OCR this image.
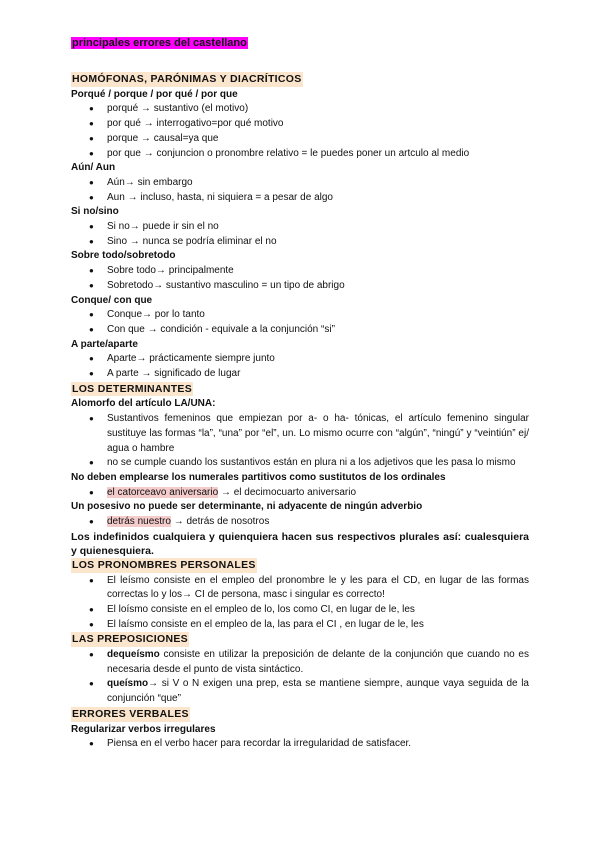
principales errores del castellano
HOMÓFONAS, PARÓNIMAS Y DIACRÍTICOS
Porqué / porque / por qué / por que
● porqué → sustantivo (el motivo)
● por qué → interrogativo=por qué motivo
● porque → causal=ya que
● por que → conjuncion o pronombre relativo = le puedes poner un artculo al medio
Aún/ Aun
● Aún→ sin embargo
● Aun → incluso, hasta, ni siquiera = a pesar de algo
Si no/sino
● Si no→ puede ir sin el no
● Sino → nunca se podría eliminar el no
Sobre todo/sobretodo
● Sobre todo→ principalmente
● Sobretodo→ sustantivo masculino = un tipo de abrigo
Conque/ con que
● Conque→ por lo tanto
● Con que → condición - equivale a la conjunción “si”
A parte/aparte
● Aparte→ prácticamente siempre junto
● A parte → significado de lugar
LOS DETERMINANTES
Alomorfo del artículo LA/UNA:
● Sustantivos femeninos que empiezan por a- o ha- tónicas, el artículo femenino singular sustituye las formas “la”, “una” por “el”, un. Lo mismo ocurre con “algún”, “ningú” y “veintiún” ej/ agua o hambre
● no se cumple cuando los sustantivos están en plura ni a los adjetivos que les pasa lo mismo
No deben emplearse los numerales partitivos como sustitutos de los ordinales
● el catorceavo aniversario → el decimocuarto aniversario
Un posesivo no puede ser determinante, ni adyacente de ningún adverbio
● detrás nuestro → detrás de nosotros
Los indefinidos cualquiera y quienquiera hacen sus respectivos plurales así: cualesquiera y quienesquiera.
LOS PRONOMBRES PERSONALES
● El leísmo consiste en el empleo del pronombre le y les para el CD, en lugar de las formas correctas lo y los→ CI de persona, masc i singular es correcto!
● El loísmo consiste en el empleo de lo, los como CI, en lugar de le, les
● El laísmo consiste en el empleo de la, las para el CI , en lugar de le, les
LAS PREPOSICIONES
● dequeísmo consiste en utilizar la preposición de delante de la conjunción que cuando no es necesaria desde el punto de vista sintáctico.
● queísmo→ si V o N exigen una prep, esta se mantiene siempre, aunque vaya seguida de la conjunción “que”
ERRORES VERBALES
Regularizar verbos irregulares
● Piensa en el verbo hacer para recordar la irregularidad de satisfacer.
